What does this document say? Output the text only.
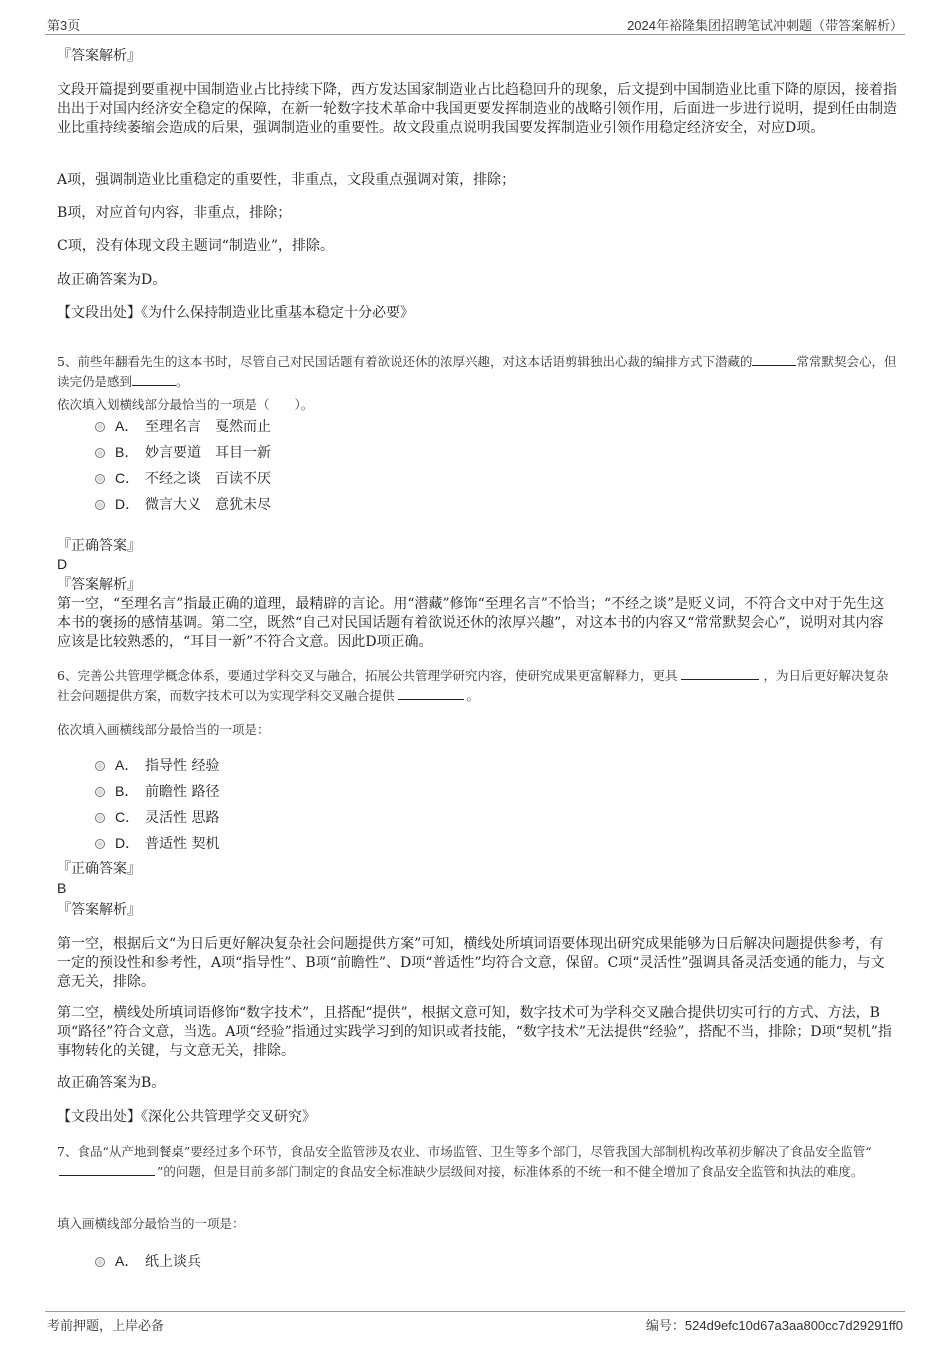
第3页	2024年裕隆集团招聘笔试冲刺题（带答案解析）

『答案解析』

文段开篇提到要重视中国制造业占比持续下降，西方发达国家制造业占比趋稳回升的现象，后文提到中国制造业比重下降的原因，接着指出出于对国内经济安全稳定的保障，在新一轮数字技术革命中我国更要发挥制造业的战略引领作用，后面进一步进行说明，提到任由制造业比重持续萎缩会造成的后果，强调制造业的重要性。故文段重点说明我国要发挥制造业引领作用稳定经济安全，对应D项。

A项，强调制造业比重稳定的重要性，非重点，文段重点强调对策，排除；

B项，对应首句内容，非重点，排除；

C项，没有体现文段主题词“制造业”，排除。

故正确答案为D。

【文段出处】《为什么保持制造业比重基本稳定十分必要》

5、前些年翻看先生的这本书时，尽管自己对民国话题有着欲说还休的浓厚兴趣，对这本话语剪辑独出心裁的编排方式下潜藏的	常常默契会心，但读完仍是感到	。

依次填入划横线部分最恰当的一项是（　　）。

A． 至理名言　戛然而止
B． 妙言要道　耳目一新
C． 不经之谈　百读不厌
D． 微言大义　意犹未尽

『正确答案』

D

『答案解析』

第一空，“至理名言”指最正确的道理，最精辟的言论。用“潜藏”修饰“至理名言”不恰当；“不经之谈”是贬义词，不符合文中对于先生这本书的褒扬的感情基调。第二空，既然“自己对民国话题有着欲说还休的浓厚兴趣”，对这本书的内容又“常常默契会心”，说明对其内容应该是比较熟悉的，“耳目一新”不符合文意。因此D项正确。

6、完善公共管理学概念体系，要通过学科交叉与融合，拓展公共管理学研究内容，使研究成果更富解释力，更具	，为日后更好解决复杂社会问题提供方案，而数字技术可以为实现学科交叉融合提供	。

依次填入画横线部分最恰当的一项是：

A． 指导性 经验
B． 前瞻性 路径
C． 灵活性 思路
D． 普适性 契机

『正确答案』

B

『答案解析』

第一空，根据后文“为日后更好解决复杂社会问题提供方案”可知，横线处所填词语要体现出研究成果能够为日后解决问题提供参考，有一定的预设性和参考性，A项“指导性”、B项“前瞻性”、D项“普适性”均符合文意，保留。C项“灵活性”强调具备灵活变通的能力，与文意无关，排除。

第二空，横线处所填词语修饰“数字技术”，且搭配“提供”，根据文意可知，数字技术可为学科交叉融合提供切实可行的方式、方法，B项“路径”符合文意，当选。A项“经验”指通过实践学习到的知识或者技能，“数字技术”无法提供“经验”，搭配不当，排除；D项“契机”指事物转化的关键，与文意无关，排除。

故正确答案为B。

【文段出处】《深化公共管理学交叉研究》

7、食品“从产地到餐桌”要经过多个环节，食品安全监管涉及农业、市场监管、卫生等多个部门，尽管我国大部制机构改革初步解决了食品安全监管“”的问题，但是目前多部门制定的食品安全标准缺少层级间对接，标准体系的不统一和不健全增加了食品安全监管和执法的难度。

填入画横线部分最恰当的一项是：

A． 纸上谈兵
考前押题，上岸必备	编号：524d9efc10d67a3aa800cc7d29291ff0
